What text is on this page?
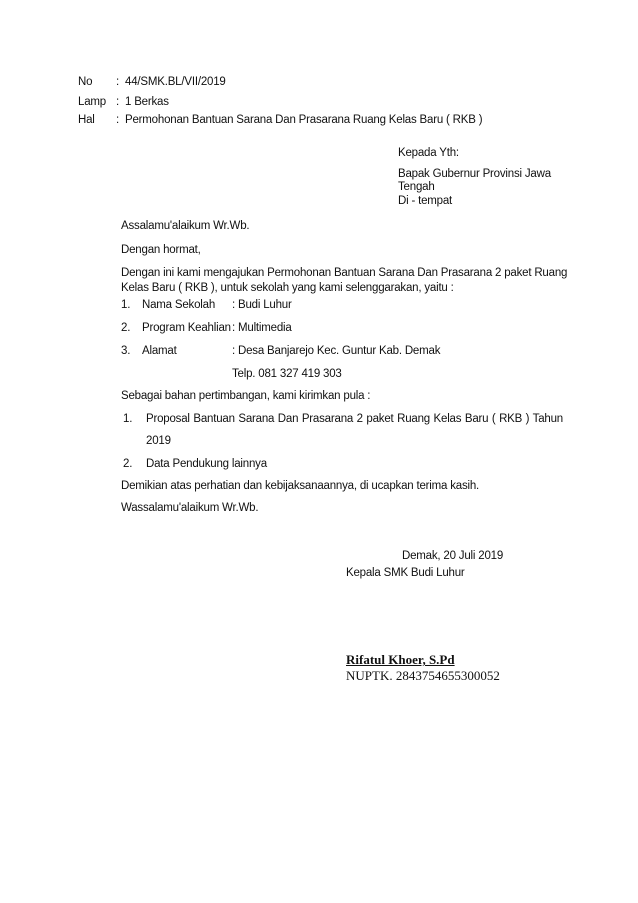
No : 44/SMK.BL/VII/2019
Lamp : 1 Berkas
Hal : Permohonan Bantuan Sarana Dan Prasarana Ruang Kelas Baru ( RKB )
Kepada Yth:
Bapak Gubernur Provinsi Jawa
Tengah
Di - tempat
Assalamu'alaikum Wr.Wb.
Dengan hormat,
Dengan ini kami mengajukan Permohonan Bantuan Sarana Dan Prasarana 2 paket Ruang
Kelas Baru ( RKB ), untuk sekolah yang kami selenggarakan, yaitu :
1. Nama Sekolah : Budi Luhur
2. Program Keahlian : Multimedia
3. Alamat	: Desa Banjarejo Kec. Guntur Kab. Demak
Telp. 081 327 419 303
Sebagai bahan pertimbangan, kami kirimkan pula :
1. Proposal Bantuan Sarana Dan Prasarana 2 paket Ruang Kelas Baru ( RKB ) Tahun
2019
2. Data Pendukung lainnya
Demikian atas perhatian dan kebijaksanaannya, di ucapkan terima kasih.
Wassalamu'alaikum Wr.Wb.
Demak, 20 Juli 2019
Kepala SMK Budi Luhur
Rifatul Khoer, S.Pd
NUPTK. 2843754655300052
